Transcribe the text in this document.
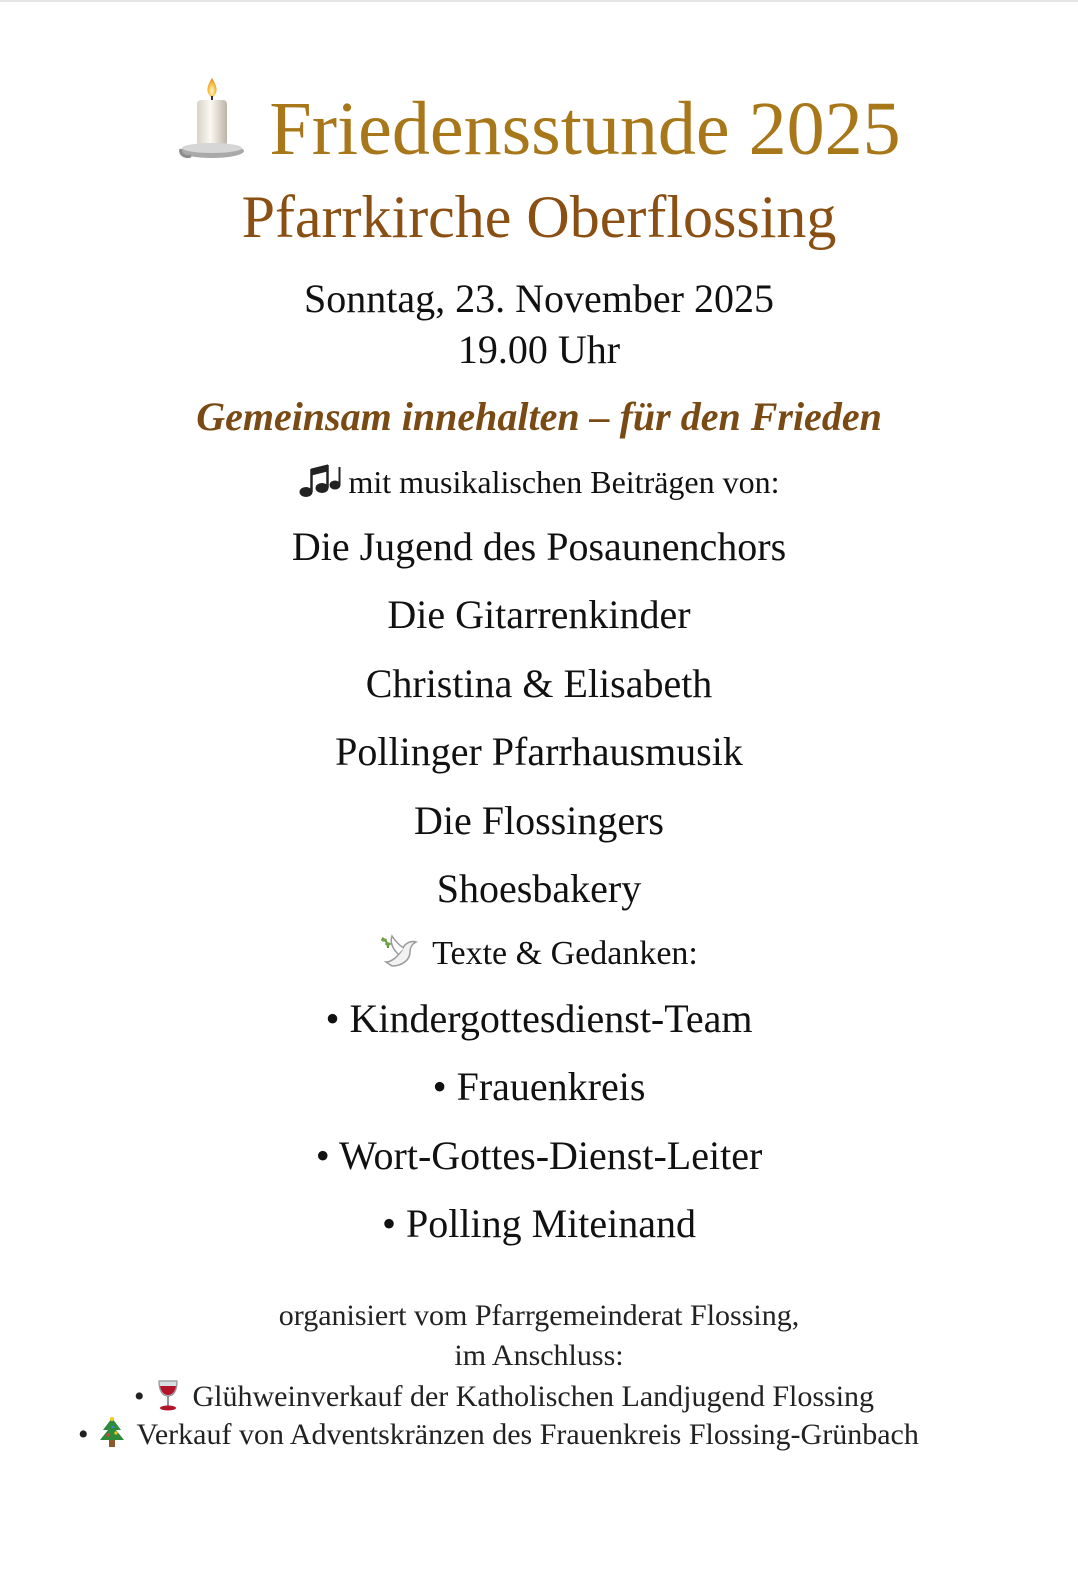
Friedensstunde 2025
Pfarrkirche Oberflossing
Sonntag, 23. November 2025
19.00 Uhr
Gemeinsam innehalten – für den Frieden
mit musikalischen Beiträgen von:
Die Jugend des Posaunenchors
Die Gitarrenkinder
Christina & Elisabeth
Pollinger Pfarrhausmusik
Die Flossingers
Shoesbakery
Texte & Gedanken:
• Kindergottesdienst-Team
• Frauenkreis
• Wort-Gottes-Dienst-Leiter
• Polling Miteinand
organisiert vom Pfarrgemeinderat Flossing,
im Anschluss:
• Glühweinverkauf der Katholischen Landjugend Flossing
• Verkauf von Adventskränzen des Frauenkreis Flossing-Grünbach
